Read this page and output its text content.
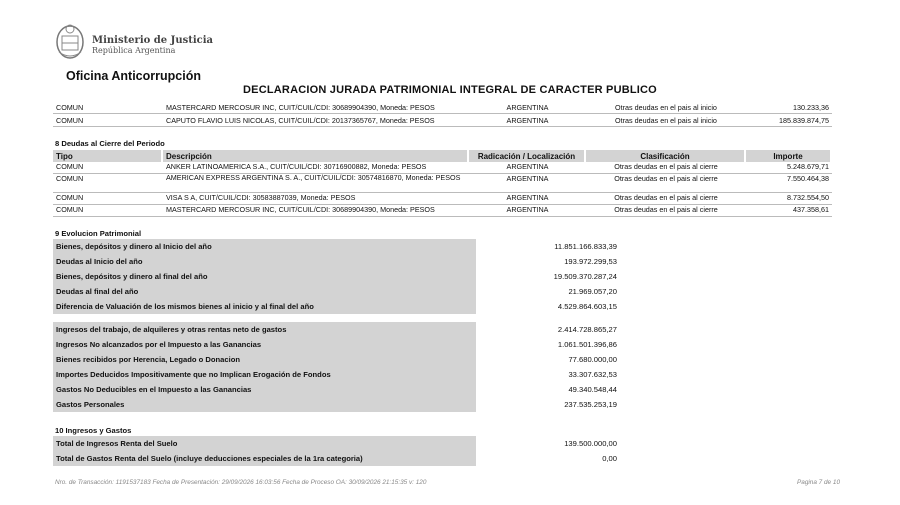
Ministerio de Justicia
República Argentina
Oficina Anticorrupción
DECLARACION JURADA PATRIMONIAL INTEGRAL DE CARACTER PUBLICO
COMUN	MASTERCARD MERCOSUR INC, CUIT/CUIL/CDI: 30689904390, Moneda: PESOS	ARGENTINA	Otras deudas en el pais al inicio	130.233,36
COMUN	CAPUTO FLAVIO LUIS NICOLAS, CUIT/CUIL/CDI: 20137365767, Moneda: PESOS	ARGENTINA	Otras deudas en el pais al inicio	185.839.874,75
8 Deudas al Cierre del Periodo
Tipo	Descripción	Radicación / Localización	Clasificación	Importe
COMUN	ANKER LATINOAMERICA S.A., CUIT/CUIL/CDI: 30716900882, Moneda: PESOS	ARGENTINA	Otras deudas en el pais al cierre	5.248.679,71
COMUN	AMERICAN EXPRESS ARGENTINA S. A., CUIT/CUIL/CDI: 30574816870, Moneda: PESOS	ARGENTINA	Otras deudas en el pais al cierre	7.550.464,38
COMUN	VISA S A, CUIT/CUIL/CDI: 30583887039, Moneda: PESOS	ARGENTINA	Otras deudas en el pais al cierre	8.732.554,50
COMUN	MASTERCARD MERCOSUR INC, CUIT/CUIL/CDI: 30689904390, Moneda: PESOS	ARGENTINA	Otras deudas en el pais al cierre	437.358,61
9 Evolucion Patrimonial
Bienes, depósitos y dinero al Inicio del año	11.851.166.833,39
Deudas al Inicio del año	193.972.299,53
Bienes, depósitos y dinero al final del año	19.509.370.287,24
Deudas al final del año	21.969.057,20
Diferencia de Valuación de los mismos bienes al inicio y al final del año	4.529.864.603,15
Ingresos del trabajo, de alquileres y otras rentas neto de gastos	2.414.728.865,27
Ingresos No alcanzados por el Impuesto a las Ganancias	1.061.501.396,86
Bienes recibidos por Herencia, Legado o Donacion	77.680.000,00
Importes Deducidos Impositivamente que no Implican Erogación de Fondos	33.307.632,53
Gastos No Deducibles en el Impuesto a las Ganancias	49.340.548,44
Gastos Personales	237.535.253,19
10 Ingresos y Gastos
Total de Ingresos Renta del Suelo	139.500.000,00
Total de Gastos Renta del Suelo (incluye deducciones especiales de la 1ra categoria)	0,00
Nro. de Transacción: 1191537183 Fecha de Presentación: 29/09/2026 16:03:56 Fecha de Proceso OA: 30/09/2026 21:15:35 v: 120	Pagina 7 de 10
